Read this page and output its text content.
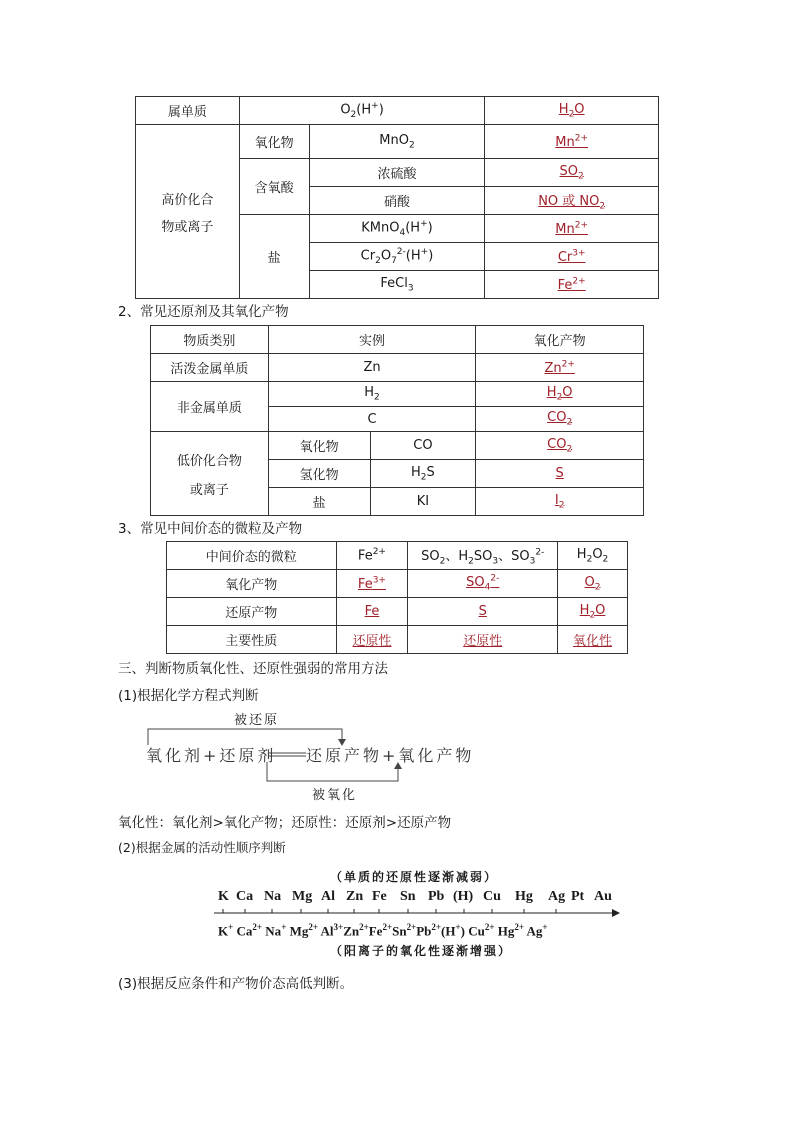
属单质	$O_2(H^+)$		$H_2O$

高价化合
物或离子	氧化物	MnO$_2$	$Mn^{2+}$
	含氧酸	浓硫酸	$SO_2$
		硝酸	NO 或 $NO_2$
	盐	KMnO$_4$(H+)	$Mn^{2+}$
		$Cr_2O_7^{2-}(H^+)$	$Cr^{3+}$
		FeCl$_3$	$Fe^{2+}$
2、常见还原剂及其氧化产物
物质类别	实例		氧化产物
活泼金属单质	Zn		$Zn^{2+}$
非金属单质	$H_2$		$H_2O$
	C		$CO_2$

低价化合物
或离子	氧化物	CO	$CO_2$
	氢化物	$H_2S$	S
	盐	KI	$I_2$
3、常见中间价态的微粒及产物
中间价态的微粒	$Fe^{2+}$	$SO_2$、$H_2SO_3$、$SO_3^{2-}$	$H_2O_2$
氧化产物	$Fe^{3+}$	$SO_4^{2-}$	$O_2$
还原产物	Fe	S	$H_2O$
主要性质	还原性	还原性	氧化性
三、判断物质氧化性、还原性强弱的常用方法
(1)根据化学方程式判断
被还原
氧化剂+还原剂 还原产物+氧化产物
被氧化
氧化性：氧化剂>氧化产物；还原性：还原剂>还原产物
(2)根据金属的活动性顺序判断
（单质的还原性逐渐减弱）
K Ca Na Mg Al Zn Fe Sn Pb (H) Cu Hg Ag Pt Au
K+ $Ca^{2+}$ Na+ $Mg^{2+}$ $Al^{3+}Zn^{2+}Fe^{2+}Sn^{2+}Pb^{2+}(H^+)$ $Cu^{2+}$ $Hg^{2+}$ Ag+
（阳离子的氧化性逐渐增强）
(3)根据反应条件和产物价态高低判断。
